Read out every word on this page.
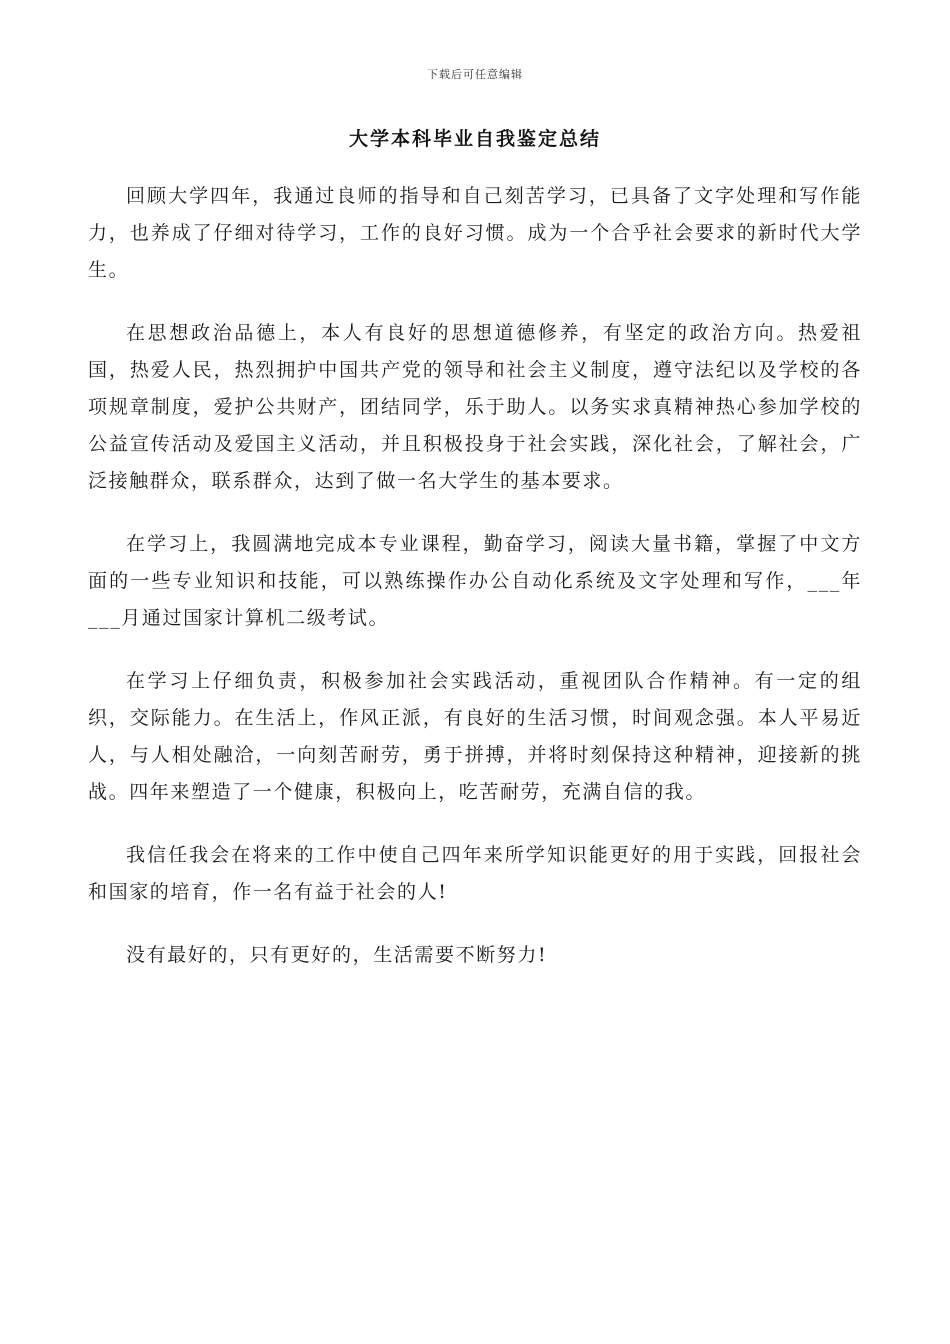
下载后可任意编辑
大学本科毕业自我鉴定总结

回顾大学四年，我通过良师的指导和自己刻苦学习，已具备了文字处理和写作能力，也养成了仔细对待学习，工作的良好习惯。成为一个合乎社会要求的新时代大学生。

在思想政治品德上，本人有良好的思想道德修养，有坚定的政治方向。热爱祖国，热爱人民，热烈拥护中国共产党的领导和社会主义制度，遵守法纪以及学校的各项规章制度，爱护公共财产，团结同学，乐于助人。以务实求真精神热心参加学校的公益宣传活动及爱国主义活动，并且积极投身于社会实践，深化社会，了解社会，广泛接触群众，联系群众，达到了做一名大学生的基本要求。

在学习上，我圆满地完成本专业课程，勤奋学习，阅读大量书籍，掌握了中文方面的一些专业知识和技能，可以熟练操作办公自动化系统及文字处理和写作，___年___月通过国家计算机二级考试。

在学习上仔细负责，积极参加社会实践活动，重视团队合作精神。有一定的组织，交际能力。在生活上，作风正派，有良好的生活习惯，时间观念强。本人平易近人，与人相处融洽，一向刻苦耐劳，勇于拼搏，并将时刻保持这种精神，迎接新的挑战。四年来塑造了一个健康，积极向上，吃苦耐劳，充满自信的我。

我信任我会在将来的工作中使自己四年来所学知识能更好的用于实践，回报社会和国家的培育，作一名有益于社会的人!

没有最好的，只有更好的，生活需要不断努力!
